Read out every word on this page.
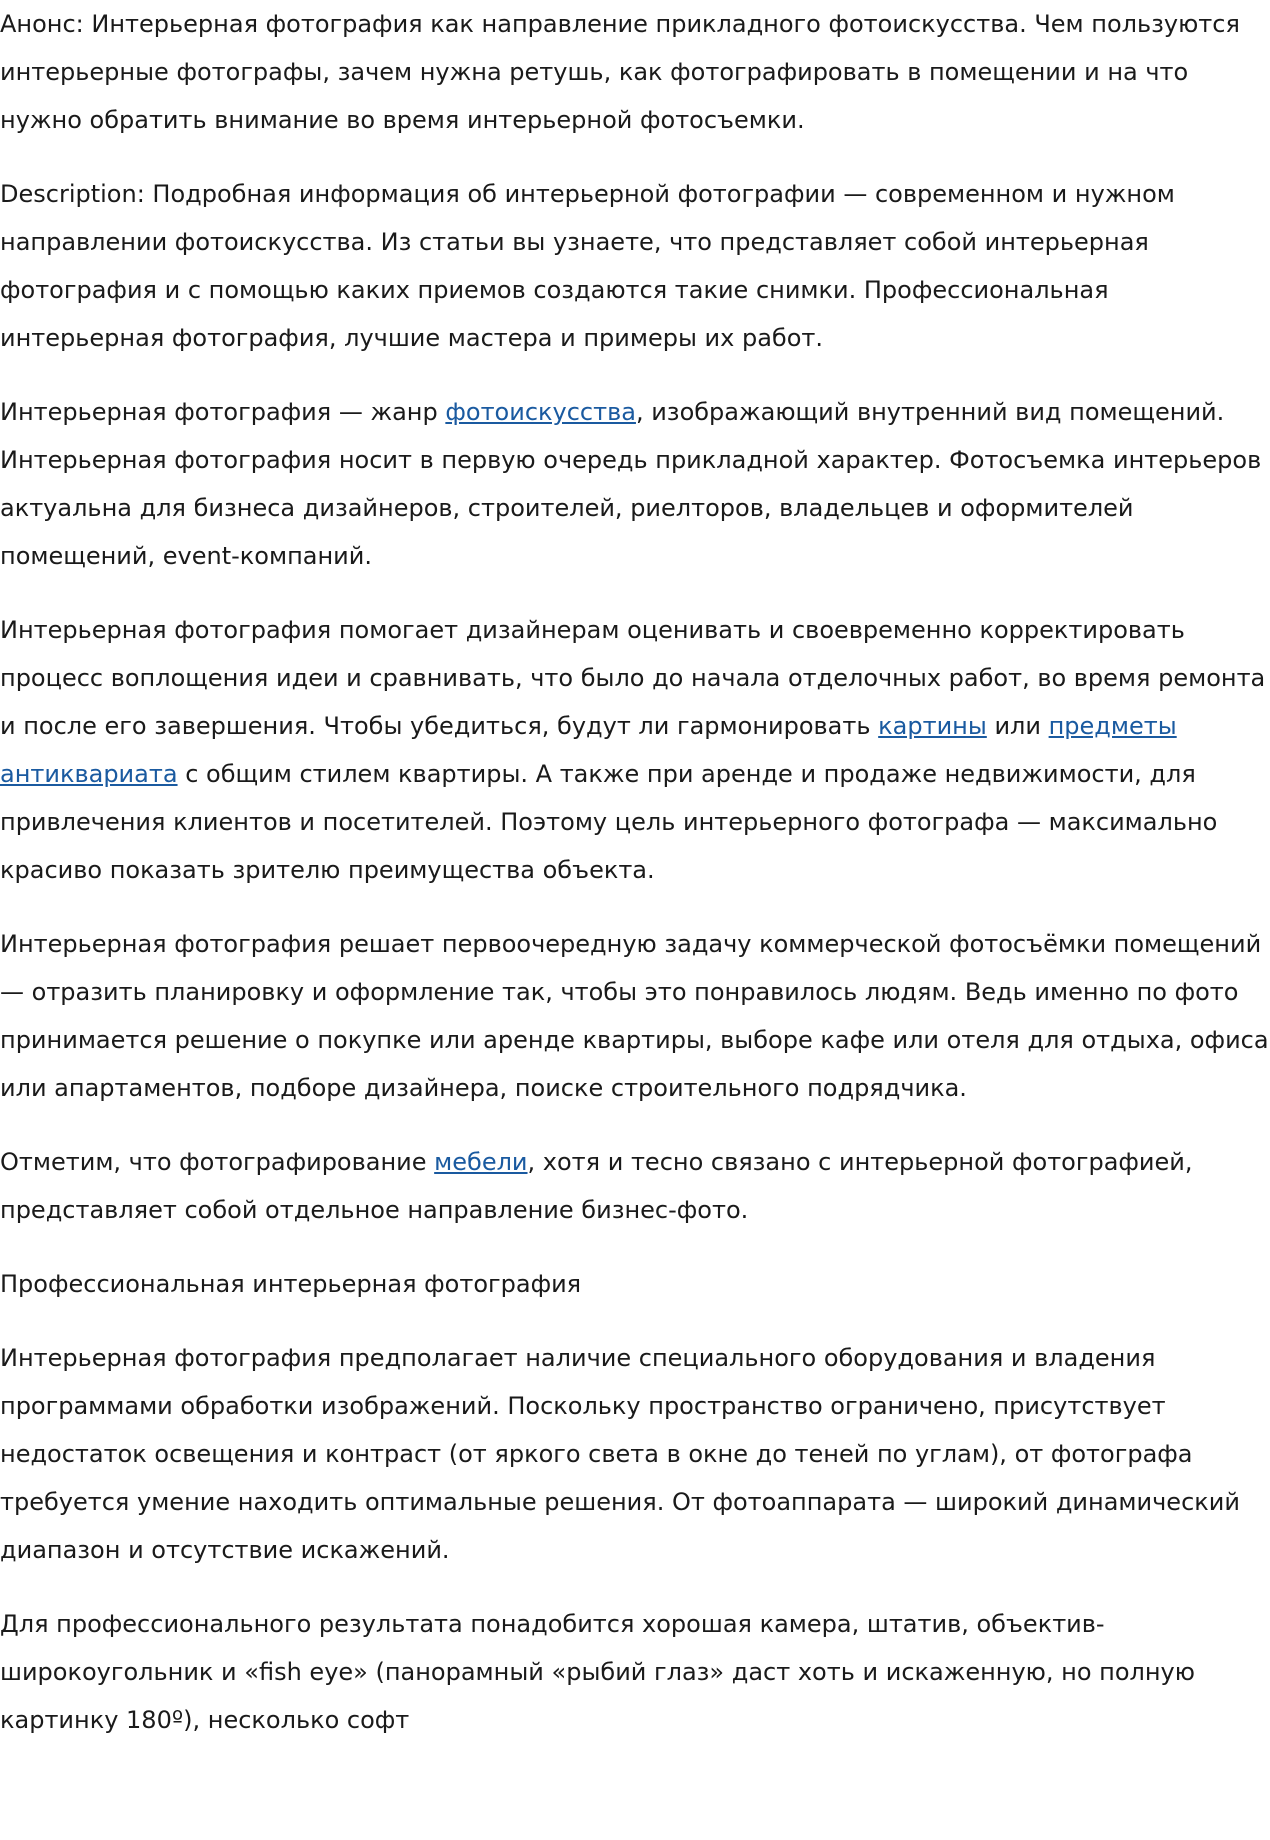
Анонс: Интерьерная фотография как направление прикладного фотоискусства. Чем пользуются интерьерные фотографы, зачем нужна ретушь, как фотографировать в помещении и на что нужно обратить внимание во время интерьерной фотосъемки.

Description: Подробная информация об интерьерной фотографии — современном и нужном направлении фотоискусства. Из статьи вы узнаете, что представляет собой интерьерная фотография и с помощью каких приемов создаются такие снимки. Профессиональная интерьерная фотография, лучшие мастера и примеры их работ.

Интерьерная фотография — жанр фотоискусства, изображающий внутренний вид помещений. Интерьерная фотография носит в первую очередь прикладной характер. Фотосъемка интерьеров актуальна для бизнеса дизайнеров, строителей, риелторов, владельцев и оформителей помещений, event-компаний.

Интерьерная фотография помогает дизайнерам оценивать и своевременно корректировать процесс воплощения идеи и сравнивать, что было до начала отделочных работ, во время ремонта и после его завершения. Чтобы убедиться, будут ли гармонировать картины или предметы антиквариата с общим стилем квартиры. А также при аренде и продаже недвижимости, для привлечения клиентов и посетителей. Поэтому цель интерьерного фотографа — максимально красиво показать зрителю преимущества объекта.

Интерьерная фотография решает первоочередную задачу коммерческой фотосъёмки помещений — отразить планировку и оформление так, чтобы это понравилось людям. Ведь именно по фото принимается решение о покупке или аренде квартиры, выборе кафе или отеля для отдыха, офиса или апартаментов, подборе дизайнера, поиске строительного подрядчика.

Отметим, что фотографирование мебели, хотя и тесно связано с интерьерной фотографией, представляет собой отдельное направление бизнес-фото.

Профессиональная интерьерная фотография

Интерьерная фотография предполагает наличие специального оборудования и владения программами обработки изображений. Поскольку пространство ограничено, присутствует недостаток освещения и контраст (от яркого света в окне до теней по углам), от фотографа требуется умение находить оптимальные решения. От фотоаппарата — широкий динамический диапазон и отсутствие искажений.

Для профессионального результата понадобится хорошая камера, штатив, объектив-широкоугольник и «fish eye» (панорамный «рыбий глаз» даст хоть и искаженную, но полную картинку 180º), несколько софт
